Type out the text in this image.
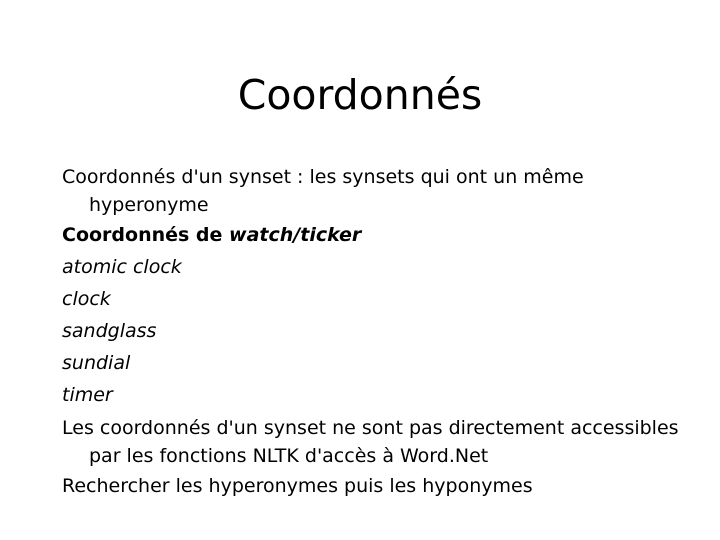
Coordonnés

Coordonnés d'un synset : les synsets qui ont un même hyperonyme

Coordonnés de watch/ticker

atomic clock

clock

sandglass

sundial

timer

Les coordonnés d'un synset ne sont pas directement accessibles par les fonctions NLTK d'accès à Word.Net

Rechercher les hyperonymes puis les hyponymes
